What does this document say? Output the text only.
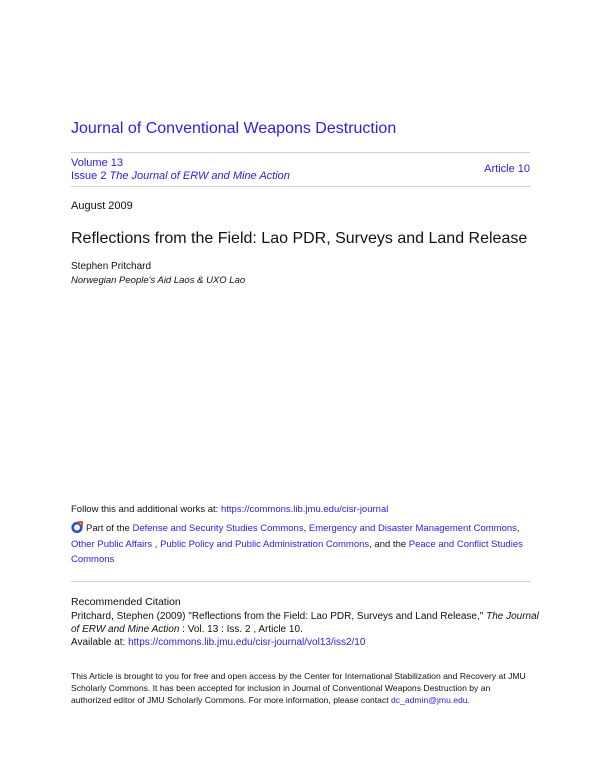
Journal of Conventional Weapons Destruction
Volume 13
Issue 2 The Journal of ERW and Mine Action
Article 10
August 2009
Reflections from the Field: Lao PDR, Surveys and Land Release
Stephen Pritchard
Norwegian People's Aid Laos & UXO Lao
Follow this and additional works at: https://commons.lib.jmu.edu/cisr-journal
Part of the Defense and Security Studies Commons, Emergency and Disaster Management Commons,
Other Public Affairs , Public Policy and Public Administration Commons, and the Peace and Conflict Studies Commons
Recommended Citation
Pritchard, Stephen (2009) "Reflections from the Field: Lao PDR, Surveys and Land Release," The Journal of ERW and Mine Action : Vol. 13 : Iss. 2 , Article 10.
Available at: https://commons.lib.jmu.edu/cisr-journal/vol13/iss2/10
This Article is brought to you for free and open access by the Center for International Stabilization and Recovery at JMU Scholarly Commons. It has been accepted for inclusion in Journal of Conventional Weapons Destruction by an authorized editor of JMU Scholarly Commons. For more information, please contact dc_admin@jmu.edu.
